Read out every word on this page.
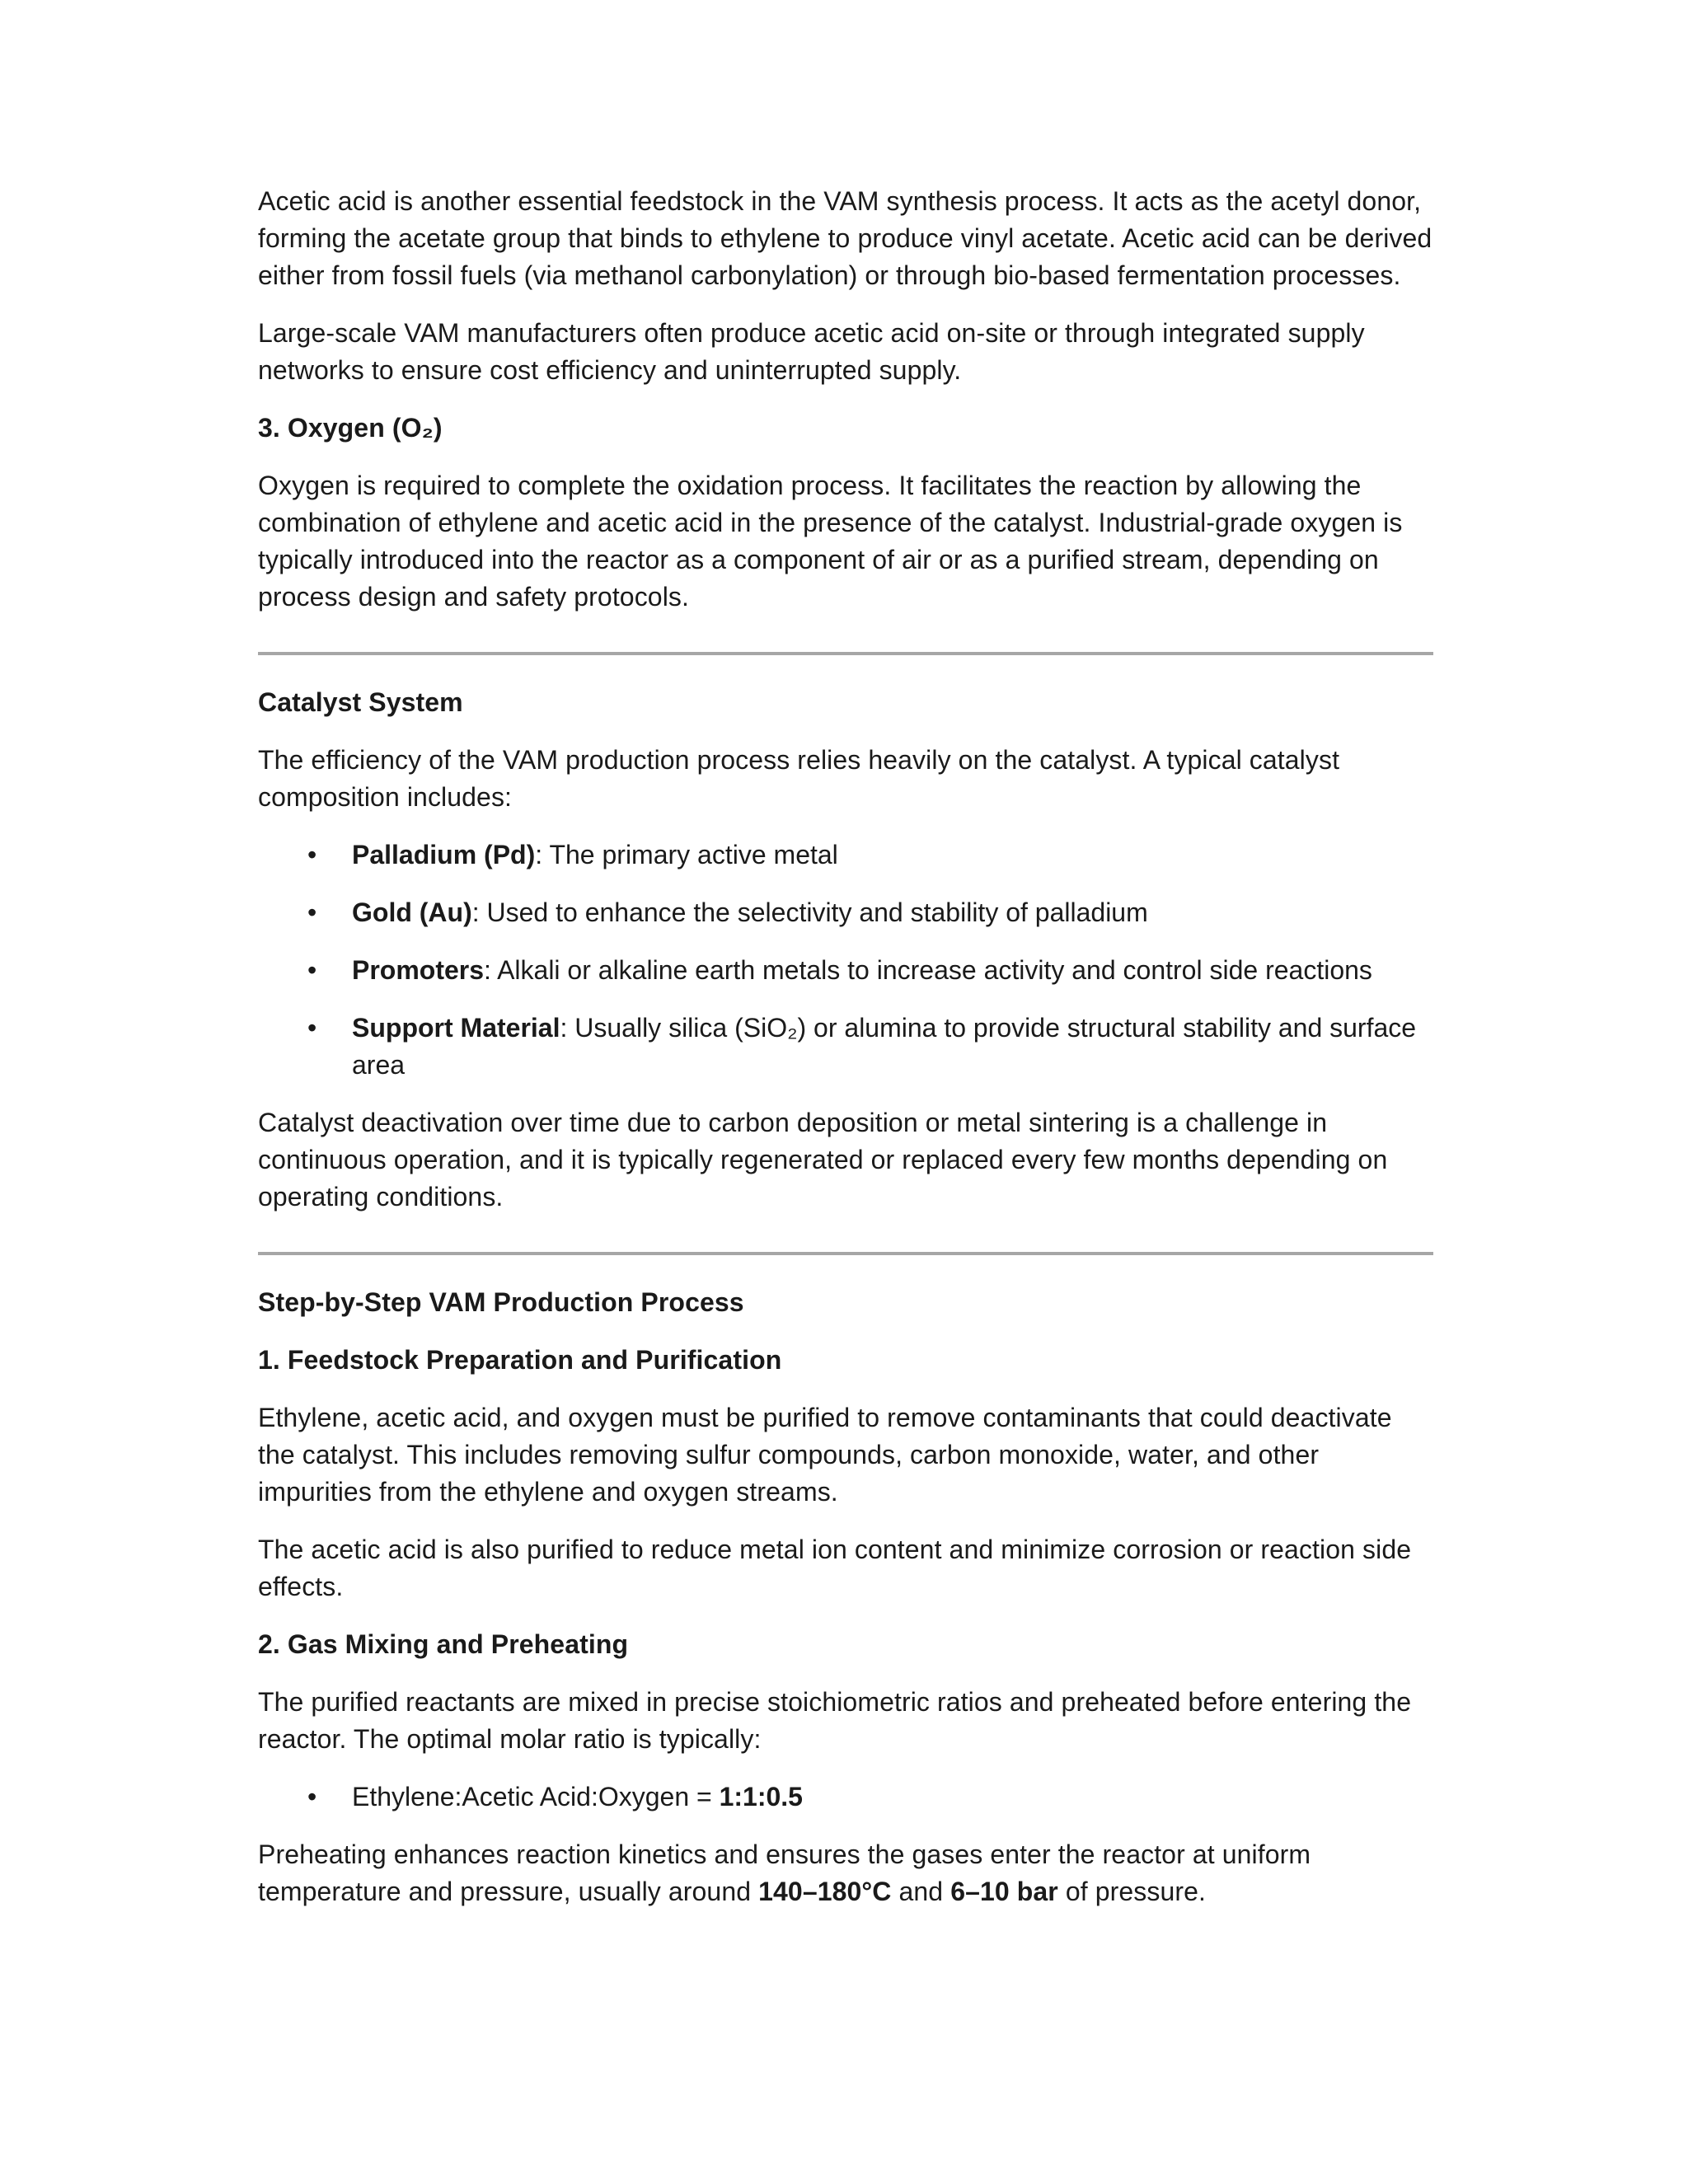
Acetic acid is another essential feedstock in the VAM synthesis process. It acts as the acetyl donor, forming the acetate group that binds to ethylene to produce vinyl acetate. Acetic acid can be derived either from fossil fuels (via methanol carbonylation) or through bio-based fermentation processes.

Large-scale VAM manufacturers often produce acetic acid on-site or through integrated supply networks to ensure cost efficiency and uninterrupted supply.

3. Oxygen (O₂)

Oxygen is required to complete the oxidation process. It facilitates the reaction by allowing the combination of ethylene and acetic acid in the presence of the catalyst. Industrial-grade oxygen is typically introduced into the reactor as a component of air or as a purified stream, depending on process design and safety protocols.

Catalyst System

The efficiency of the VAM production process relies heavily on the catalyst. A typical catalyst composition includes:

• Palladium (Pd): The primary active metal
• Gold (Au): Used to enhance the selectivity and stability of palladium
• Promoters: Alkali or alkaline earth metals to increase activity and control side reactions
• Support Material: Usually silica (SiO₂) or alumina to provide structural stability and surface area

Catalyst deactivation over time due to carbon deposition or metal sintering is a challenge in continuous operation, and it is typically regenerated or replaced every few months depending on operating conditions.

Step-by-Step VAM Production Process

1. Feedstock Preparation and Purification

Ethylene, acetic acid, and oxygen must be purified to remove contaminants that could deactivate the catalyst. This includes removing sulfur compounds, carbon monoxide, water, and other impurities from the ethylene and oxygen streams.

The acetic acid is also purified to reduce metal ion content and minimize corrosion or reaction side effects.

2. Gas Mixing and Preheating

The purified reactants are mixed in precise stoichiometric ratios and preheated before entering the reactor. The optimal molar ratio is typically:

• Ethylene:Acetic Acid:Oxygen = 1:1:0.5

Preheating enhances reaction kinetics and ensures the gases enter the reactor at uniform temperature and pressure, usually around 140–180°C and 6–10 bar of pressure.
